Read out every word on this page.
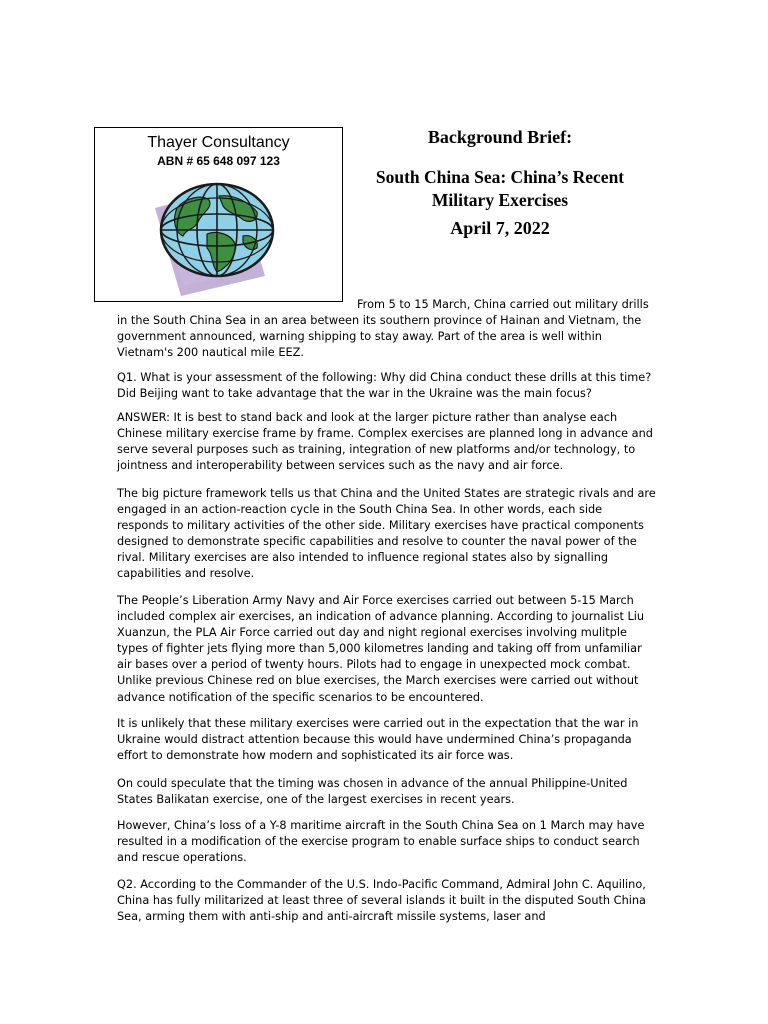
Thayer Consultancy
ABN # 65 648 097 123
Background Brief:
South China Sea: China’s Recent
Military Exercises
April 7, 2022

From 5 to 15 March, China carried out military drills in the South China Sea in an area between its southern province of Hainan and Vietnam, the government announced, warning shipping to stay away. Part of the area is well within Vietnam's 200 nautical mile EEZ.

Q1. What is your assessment of the following: Why did China conduct these drills at this time? Did Beijing want to take advantage that the war in the Ukraine was the main focus?

ANSWER: It is best to stand back and look at the larger picture rather than analyse each Chinese military exercise frame by frame. Complex exercises are planned long in advance and serve several purposes such as training, integration of new platforms and/or technology, to jointness and interoperability between services such as the navy and air force.

The big picture framework tells us that China and the United States are strategic rivals and are engaged in an action-reaction cycle in the South China Sea. In other words, each side responds to military activities of the other side. Military exercises have practical components designed to demonstrate specific capabilities and resolve to counter the naval power of the rival. Military exercises are also intended to influence regional states also by signalling capabilities and resolve.

The People’s Liberation Army Navy and Air Force exercises carried out between 5-15 March included complex air exercises, an indication of advance planning. According to journalist Liu Xuanzun, the PLA Air Force carried out day and night regional exercises involving mulitple types of fighter jets flying more than 5,000 kilometres landing and taking off from unfamiliar air bases over a period of twenty hours. Pilots had to engage in unexpected mock combat. Unlike previous Chinese red on blue exercises, the March exercises were carried out without advance notification of the specific scenarios to be encountered.

It is unlikely that these military exercises were carried out in the expectation that the war in Ukraine would distract attention because this would have undermined China’s propaganda effort to demonstrate how modern and sophisticated its air force was.

On could speculate that the timing was chosen in advance of the annual Philippine-United States Balikatan exercise, one of the largest exercises in recent years.

However, China’s loss of a Y-8 maritime aircraft in the South China Sea on 1 March may have resulted in a modification of the exercise program to enable surface ships to conduct search and rescue operations.

Q2. According to the Commander of the U.S. Indo-Pacific Command, Admiral John C. Aquilino, China has fully militarized at least three of several islands it built in the disputed South China Sea, arming them with anti-ship and anti-aircraft missile systems, laser and
